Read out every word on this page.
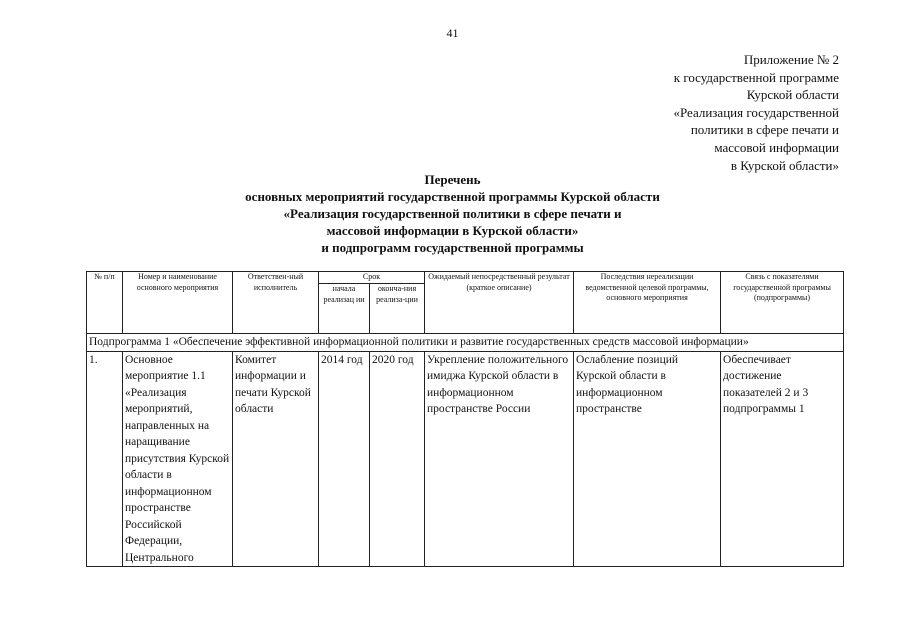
41
Приложение № 2
к государственной программе
Курской области
«Реализация государственной
политики в сфере печати и
массовой информации
в Курской области»
Перечень
основных мероприятий государственной программы Курской области
«Реализация государственной политики в сфере печати и
массовой информации в Курской области»
и подпрограмм государственной программы
№ п/п	Номер и наименование основного мероприятия	Ответствен-ный исполнитель	Срок		Ожидаемый непосредственный результат (краткое описание)	Последствия нереализации ведомственной целевой программы, основного мероприятия	Связь с показателями государственной программы (подпрограммы)
			начала реализац ии	оконча-ния реализа-ции			
Подпрограмма 1 «Обеспечение эффективной информационной политики и развитие государственных средств массовой информации»							
1.	Основное мероприятие 1.1 «Реализация мероприятий, направленных на наращивание присутствия Курской области в информационном пространстве Российской Федерации, Центрального	Комитет информации и печати Курской области	2014 год	2020 год	Укрепление положительного имиджа Курской области в информационном пространстве России	Ослабление позиций Курской области в информационном пространстве	Обеспечивает достижение показателей 2 и 3 подпрограммы 1
